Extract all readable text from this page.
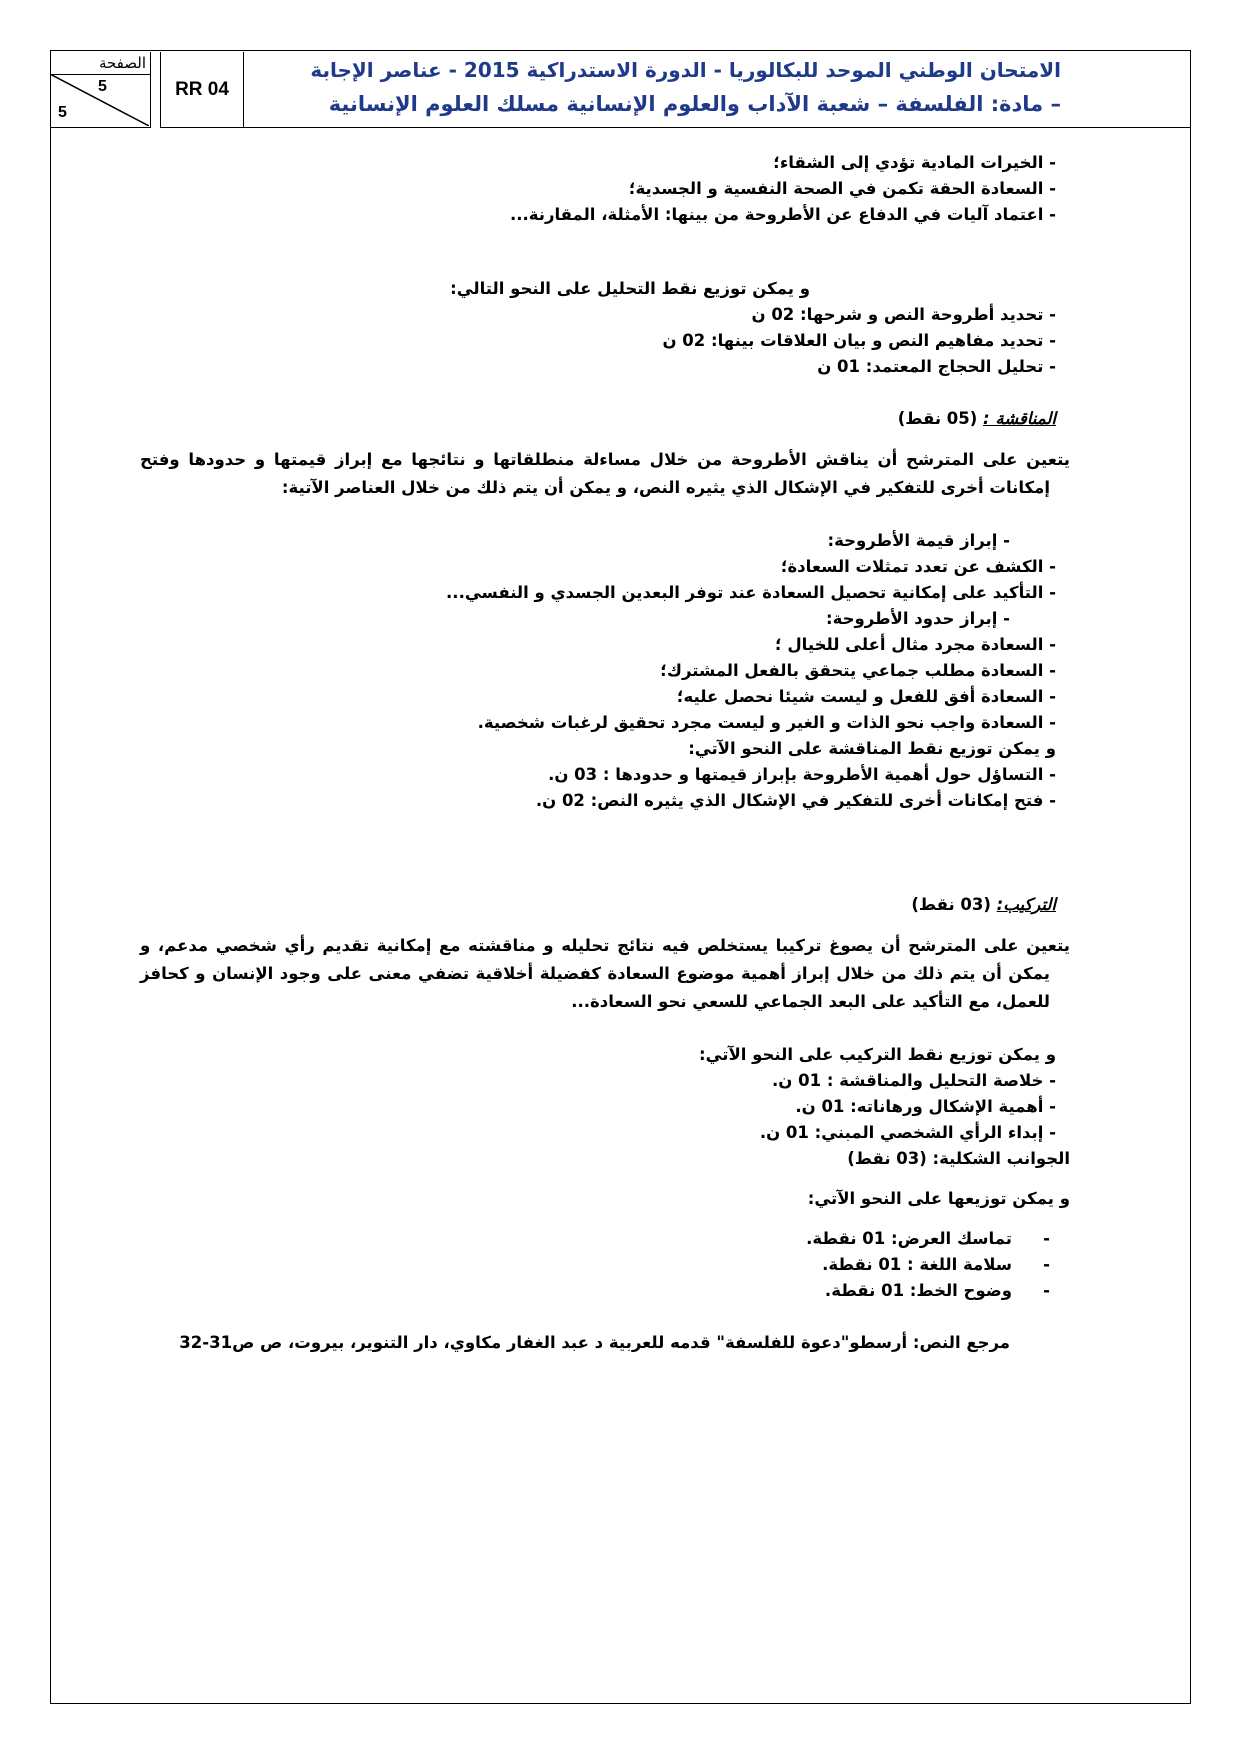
الامتحان الوطني الموحد للبكالوريا - الدورة الاستدراكية 2015 - عناصر الإجابة
– مادة: الفلسفة – شعبة الآداب والعلوم الإنسانية مسلك العلوم الإنسانية
RR 04
الصفحة
5
5

- الخيرات المادية تؤدي إلى الشقاء؛

- السعادة الحقة تكمن في الصحة النفسية و الجسدية؛

- اعتماد آليات في الدفاع عن الأطروحة من بينها: الأمثلة، المقارنة...

و يمكن توزيع نقط التحليل على النحو التالي:

- تحديد أطروحة النص و شرحها: 02 ن

- تحديد مفاهيم النص و بيان العلاقات بينها: 02 ن

- تحليل الحجاج المعتمد: 01 ن

المناقشة : (05 نقط)

يتعين على المترشح أن يناقش الأطروحة من خلال مساءلة منطلقاتها و نتائجها مع إبراز قيمتها و حدودها وفتح إمكانات أخرى للتفكير في الإشكال الذي يثيره النص، و يمكن أن يتم ذلك من خلال العناصر الآتية:

- إبراز قيمة الأطروحة:

- الكشف عن تعدد تمثلات السعادة؛

- التأكيد على إمكانية تحصيل السعادة عند توفر البعدين الجسدي و النفسي...

- إبراز حدود الأطروحة:

- السعادة مجرد مثال أعلى للخيال ؛

- السعادة مطلب جماعي يتحقق بالفعل المشترك؛

- السعادة أفق للفعل و ليست شيئا نحصل عليه؛

- السعادة واجب نحو الذات و الغير و ليست مجرد تحقيق لرغبات شخصية.

و يمكن توزيع نقط المناقشة على النحو الآتي:

- التساؤل حول أهمية الأطروحة بإبراز قيمتها و حدودها : 03 ن.

- فتح إمكانات أخرى للتفكير في الإشكال الذي يثيره النص: 02 ن.

التركيب: (03 نقط)

يتعين على المترشح أن يصوغ تركيبا يستخلص فيه نتائج تحليله و مناقشته مع إمكانية تقديم رأي شخصي مدعم، و يمكن أن يتم ذلك من خلال إبراز أهمية موضوع السعادة كفضيلة أخلاقية تضفي معنى على وجود الإنسان و كحافز للعمل، مع التأكيد على البعد الجماعي للسعي نحو السعادة...

و يمكن توزيع نقط التركيب على النحو الآتي:

- خلاصة التحليل والمناقشة : 01 ن.

- أهمية الإشكال ورهاناته: 01 ن.

- إبداء الرأي الشخصي المبني: 01 ن.

الجوانب الشكلية: (03 نقط)

و يمكن توزيعها على النحو الآتي:

- تماسك العرض: 01 نقطة.
- سلامة اللغة : 01 نقطة.
- وضوح الخط: 01 نقطة.

مرجع النص: أرسطو"دعوة للفلسفة" قدمه للعربية د عبد الغفار مكاوي، دار التنوير، بيروت، ص ص31-32
